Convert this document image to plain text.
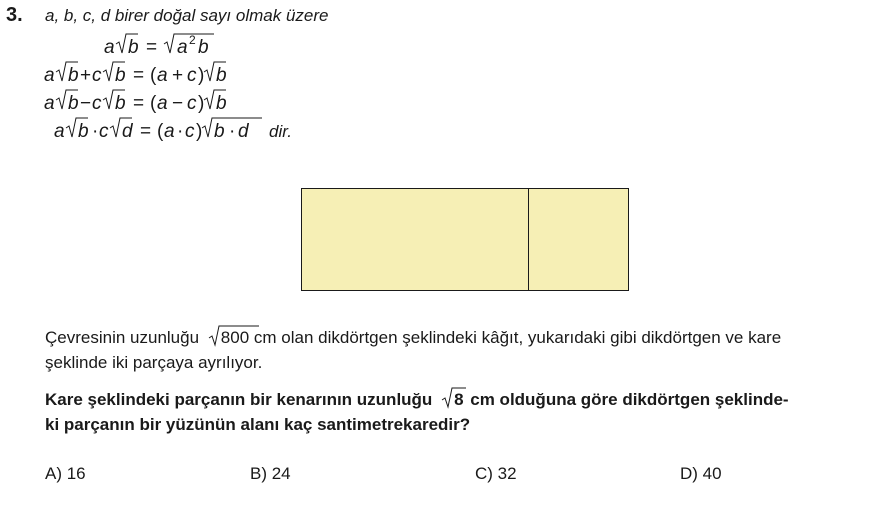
3. a, b, c, d birer doğal sayı olmak üzere
a b = a 2 b
a b + c b = ( a + c ) b
a b − c b = ( a − c ) b
a b · c d = ( a · c ) b · d dir.
Çevresinin uzunluğu 800 cm olan dikdörtgen şeklindeki kâğıt, yukarıdaki gibi dikdörtgen ve kare
şeklinde iki parçaya ayrılıyor.
Kare şeklindeki parçanın bir kenarının uzunluğu 8 cm olduğuna göre dikdörtgen şeklinde-
ki parçanın bir yüzünün alanı kaç santimetrekaredir?
A) 16	B) 24	C) 32	D) 40
